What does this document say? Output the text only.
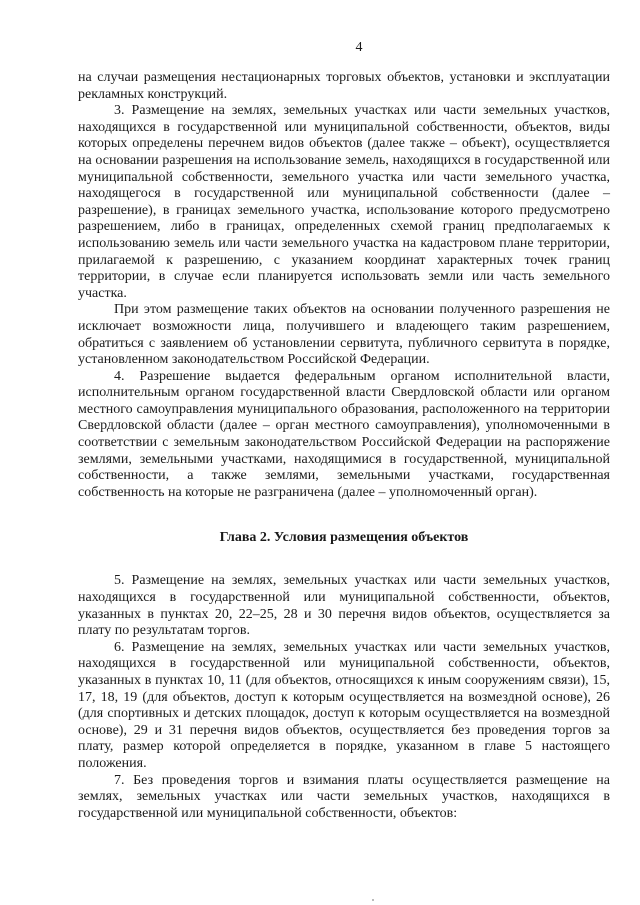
4

на случаи размещения нестационарных торговых объектов, установки и эксплуатации рекламных конструкций.

3. Размещение на землях, земельных участках или части земельных участков, находящихся в государственной или муниципальной собственности, объектов, виды которых определены перечнем видов объектов (далее также – объект), осуществляется на основании разрешения на использование земель, находящихся в государственной или муниципальной собственности, земельного участка или части земельного участка, находящегося в государственной или муниципальной собственности (далее – разрешение), в границах земельного участка, использование которого предусмотрено разрешением, либо в границах, определенных схемой границ предполагаемых к использованию земель или части земельного участка на кадастровом плане территории, прилагаемой к разрешению, с указанием координат характерных точек границ территории, в случае если планируется использовать земли или часть земельного участка.

При этом размещение таких объектов на основании полученного разрешения не исключает возможности лица, получившего и владеющего таким разрешением, обратиться с заявлением об установлении сервитута, публичного сервитута в порядке, установленном законодательством Российской Федерации.

4. Разрешение выдается федеральным органом исполнительной власти, исполнительным органом государственной власти Свердловской области или органом местного самоуправления муниципального образования, расположенного на территории Свердловской области (далее – орган местного самоуправления), уполномоченными в соответствии с земельным законодательством Российской Федерации на распоряжение землями, земельными участками, находящимися в государственной, муниципальной собственности, а также землями, земельными участками, государственная собственность на которые не разграничена (далее – уполномоченный орган).

Глава 2. Условия размещения объектов

5. Размещение на землях, земельных участках или части земельных участков, находящихся в государственной или муниципальной собственности, объектов, указанных в пунктах 20, 22–25, 28 и 30 перечня видов объектов, осуществляется за плату по результатам торгов.

6. Размещение на землях, земельных участках или части земельных участков, находящихся в государственной или муниципальной собственности, объектов, указанных в пунктах 10, 11 (для объектов, относящихся к иным сооружениям связи), 15, 17, 18, 19 (для объектов, доступ к которым осуществляется на возмездной основе), 26 (для спортивных и детских площадок, доступ к которым осуществляется на возмездной основе), 29 и 31 перечня видов объектов, осуществляется без проведения торгов за плату, размер которой определяется в порядке, указанном в главе 5 настоящего положения.

7. Без проведения торгов и взимания платы осуществляется размещение на землях, земельных участках или части земельных участков, находящихся в государственной или муниципальной собственности, объектов:
